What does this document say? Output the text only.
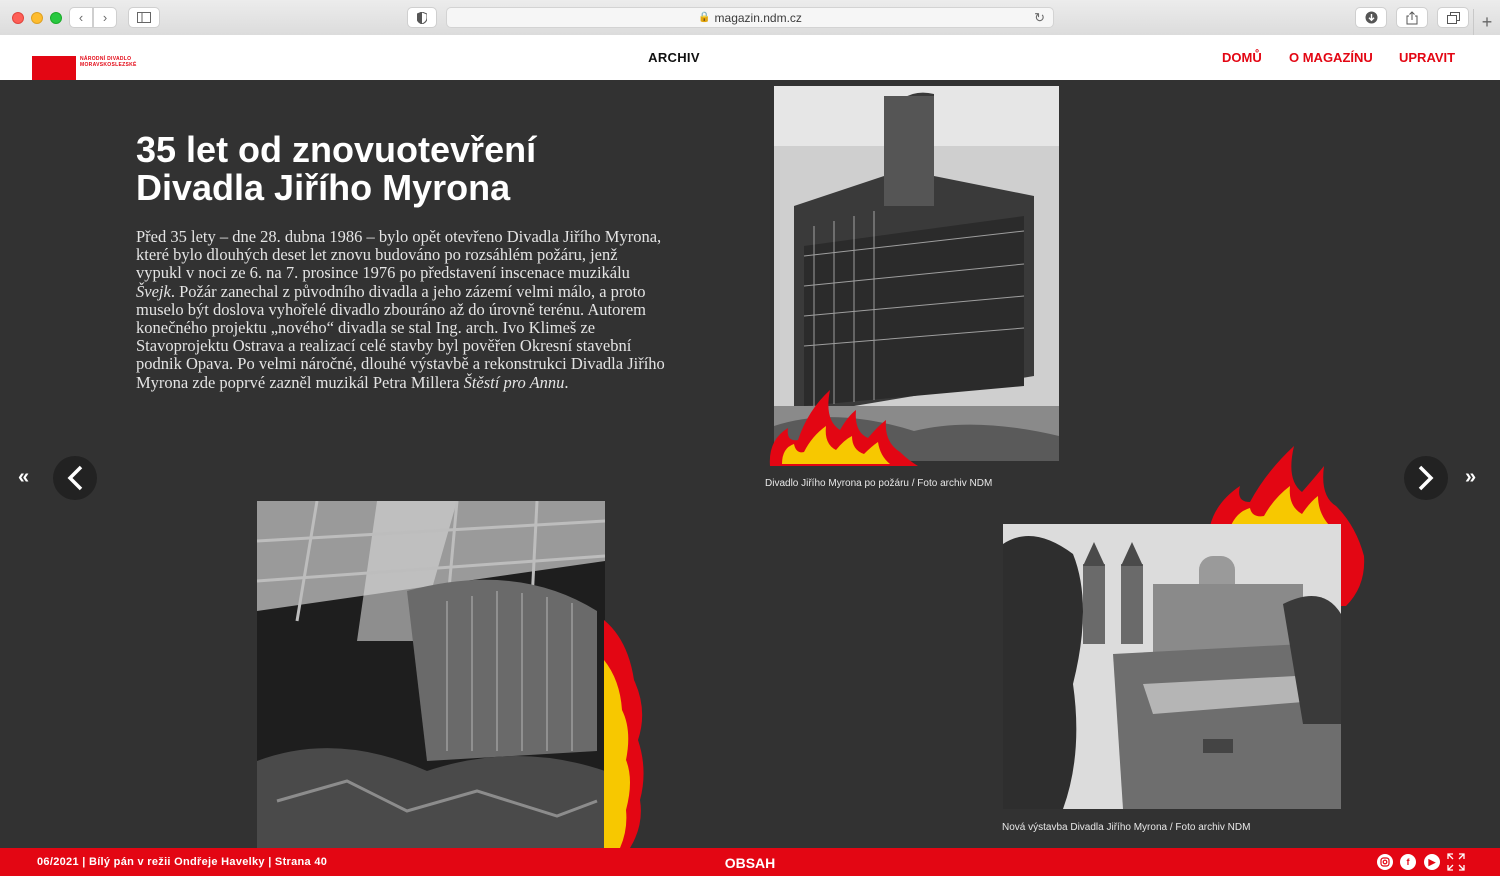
‹ ›	🔒 magazin.ndm.cz	↻	+
NÁRODNÍ DIVADLO
MORAVSKOSLEZSKÉ	ARCHIV	DOMŮ O MAGAZÍNU UPRAVIT
35 let od znovuotevření
Divadla Jiřího Myrona

Před 35 lety – dne 28. dubna 1986 – bylo opět otevřeno Divadla Jiřího Myrona, které bylo dlouhých deset let znovu budováno po rozsáhlém požáru, jenž vypukl v noci ze 6. na 7. prosince 1976 po představení inscenace muzikálu Švejk. Požár zanechal z původního divadla a jeho zázemí velmi málo, a proto muselo být doslova vyhořelé divadlo zbouráno až do úrovně terénu. Autorem konečného projektu „nového“ divadla se stal Ing. arch. Ivo Klimeš ze Stavoprojektu Ostrava a realizací celé stavby byl pověřen Okresní stavební podnik Opava. Po velmi náročné, dlouhé výstavbě a rekonstrukci Divadla Jiřího Myrona zde poprvé zazněl muzikál Petra Millera Štěstí pro Annu.

Divadlo Jiřího Myrona po požáru / Foto archiv NDM
Nová výstavba Divadla Jiřího Myrona / Foto archiv NDM
«	»
06/2021 | Bílý pán v režii Ondřeje Havelky | Strana 40	OBSAH	f	▶
